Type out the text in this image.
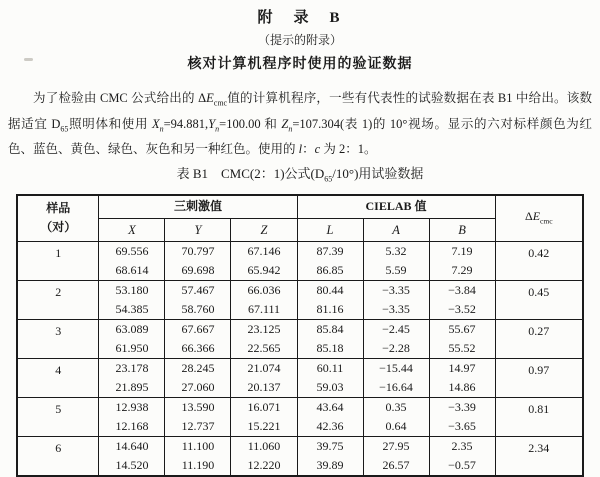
附　录　B
（提示的附录）
核对计算机程序时使用的验证数据

为了检验由 CMC 公式给出的 $\Delta E_{cmc}$值的计算机程序，一些有代表性的试验数据在表 B1 中给出。该数据适宜 $D_{65}$照明体和使用 $X_n=94.881,Y_n=100.00$ 和 $Z_n=107.304$(表 1)的 10°视场。显示的六对标样颜色为红色、蓝色、黄色、绿色、灰色和另一种红色。使用的 l：c 为 2：1。

表 B1　CMC(2：1)公式$(D_{65}/10^\circ)$用试验数据
样品
（对）	三刺激值			CIELAB 值			$\Delta E_{cmc}$
	X	Y	Z	L	A	B	
1	69.556	70.797	67.146	87.39	5.32	7.19	0.42
	68.614	69.698	65.942	86.85	5.59	7.29	
2	53.180	57.467	66.036	80.44	−3.35	−3.84	0.45
	54.385	58.760	67.111	81.16	−3.35	−3.52	
3	63.089	67.667	23.125	85.84	−2.45	55.67	0.27
	61.950	66.366	22.565	85.18	−2.28	55.52	
4	23.178	28.245	21.074	60.11	−15.44	14.97	0.97
	21.895	27.060	20.137	59.03	−16.64	14.86	
5	12.938	13.590	16.071	43.64	0.35	−3.39	0.81
	12.168	12.737	15.221	42.36	0.64	−3.65	
6	14.640	11.100	11.060	39.75	27.95	2.35	2.34
	14.520	11.190	12.220	39.89	26.57	−0.57	
